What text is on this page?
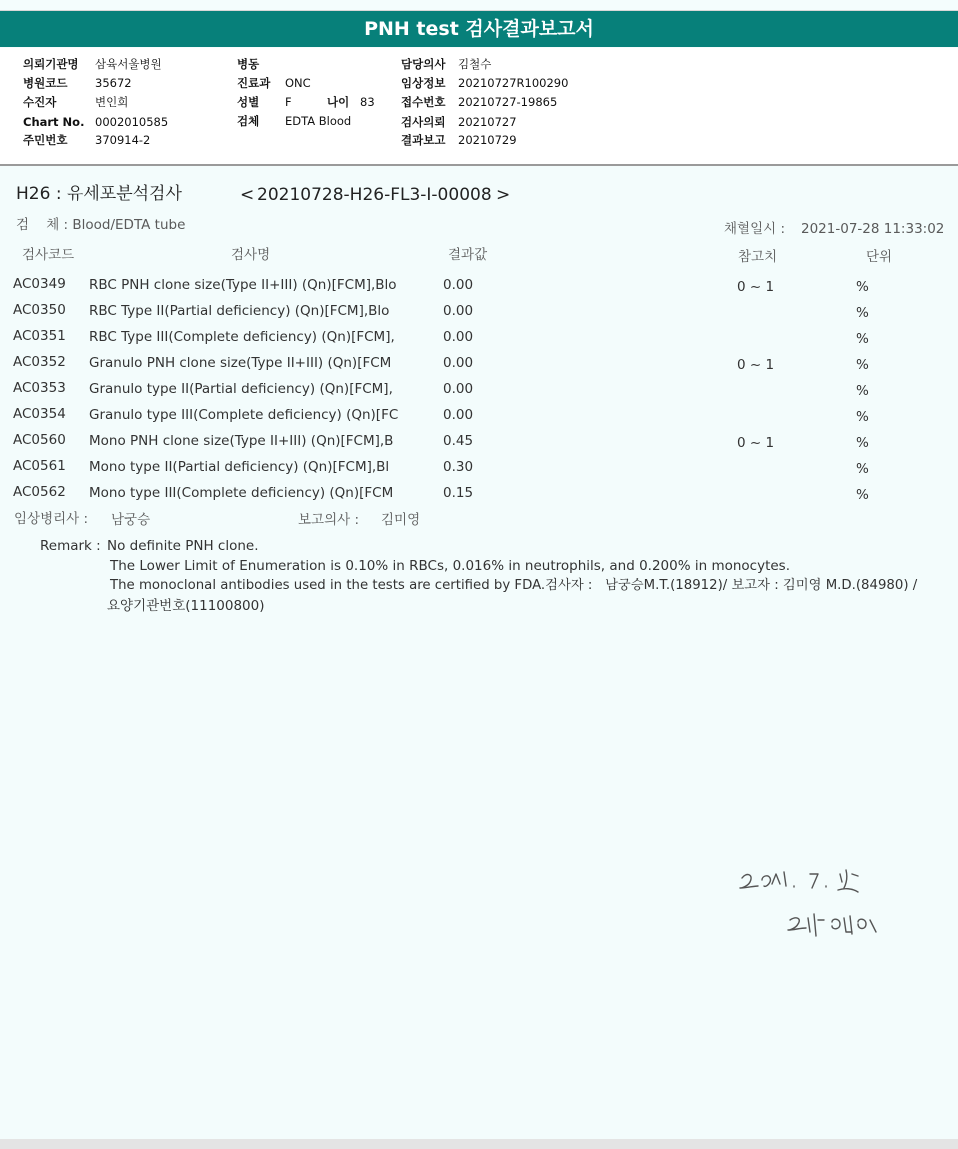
PNH test 검사결과보고서
의뢰기관명 삼육서울병원
병원코드 35672
수진자	변인희
Chart No. 0002010585
주민번호 370914-2
병동
진료과 ONC
성별 F	나이 83
검체 EDTA Blood
담당의사 김철수
임상정보 20210727R100290
접수번호 20210727-19865
검사의뢰 20210727
결과보고 20210729
H26 : 유세포분석검사	< 20210728-H26-FL3-I-00008 >
검    체 : Blood/EDTA tube	채혈일시 : 2021-07-28 11:33:02
검사코드	검사명	결과값	참고치	단위
AC0349 RBC PNH clone size(Type II+III) (Qn)[FCM],Blo	0.00	0 ~ 1	%
AC0350 RBC Type II(Partial deficiency) (Qn)[FCM],Blo	0.00	%
AC0351 RBC Type III(Complete deficiency) (Qn)[FCM],	0.00	%
AC0352 Granulo PNH clone size(Type II+III) (Qn)[FCM	0.00	0 ~ 1	%
AC0353 Granulo type II(Partial deficiency) (Qn)[FCM],	0.00	%
AC0354 Granulo type III(Complete deficiency) (Qn)[FC	0.00	%
AC0560 Mono PNH clone size(Type II+III) (Qn)[FCM],B	0.45	0 ~ 1	%
AC0561 Mono type II(Partial deficiency) (Qn)[FCM],Bl	0.30	%
AC0562 Mono type III(Complete deficiency) (Qn)[FCM	0.15	%
임상병리사 : 남궁승	보고의사 : 김미영
Remark : No definite PNH clone.
The Lower Limit of Enumeration is 0.10% in RBCs, 0.016% in neutrophils, and 0.200% in monocytes.
The monoclonal antibodies used in the tests are certified by FDA.검사자 :   남궁승M.T.(18912)/ 보고자 : 김미영 M.D.(84980) /
요양기관번호(11100800)
